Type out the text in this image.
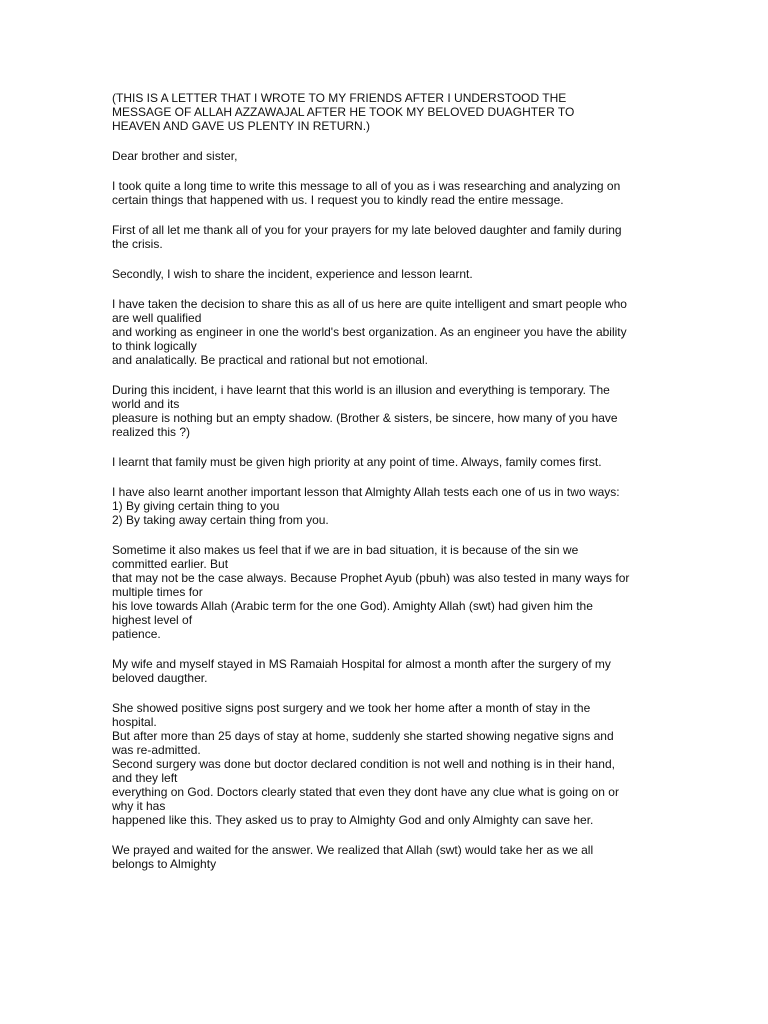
(THIS IS A LETTER THAT I WROTE TO MY FRIENDS AFTER I UNDERSTOOD THE
MESSAGE OF ALLAH AZZAWAJAL AFTER HE TOOK MY BELOVED DUAGHTER TO
HEAVEN AND GAVE US PLENTY IN RETURN.)
Dear brother and sister,
I took quite a long time to write this message to all of you as i was researching and analyzing on
certain things that happened with us. I request you to kindly read the entire message.
First of all let me thank all of you for your prayers for my late beloved daughter and family during
the crisis.
Secondly, I wish to share the incident, experience and lesson learnt.
I have taken the decision to share this as all of us here are quite intelligent and smart people who
are well qualified
and working as engineer in one the world's best organization. As an engineer you have the ability
to think logically
and analatically. Be practical and rational but not emotional.
During this incident, i have learnt that this world is an illusion and everything is temporary. The
world and its
pleasure is nothing but an empty shadow. (Brother & sisters, be sincere, how many of you have
realized this ?)
I learnt that family must be given high priority at any point of time. Always, family comes first.
I have also learnt another important lesson that Almighty Allah tests each one of us in two ways:
1) By giving certain thing to you
2) By taking away certain thing from you.
Sometime it also makes us feel that if we are in bad situation, it is because of the sin we
committed earlier. But
that may not be the case always. Because Prophet Ayub (pbuh) was also tested in many ways for
multiple times for
his love towards Allah (Arabic term for the one God). Amighty Allah (swt) had given him the
highest level of
patience.
My wife and myself stayed in MS Ramaiah Hospital for almost a month after the surgery of my
beloved daugther.
She showed positive signs post surgery and we took her home after a month of stay in the
hospital.
But after more than 25 days of stay at home, suddenly she started showing negative signs and
was re-admitted.
Second surgery was done but doctor declared condition is not well and nothing is in their hand,
and they left
everything on God. Doctors clearly stated that even they dont have any clue what is going on or
why it has
happened like this. They asked us to pray to Almighty God and only Almighty can save her.
We prayed and waited for the answer. We realized that Allah (swt) would take her as we all
belongs to Almighty
